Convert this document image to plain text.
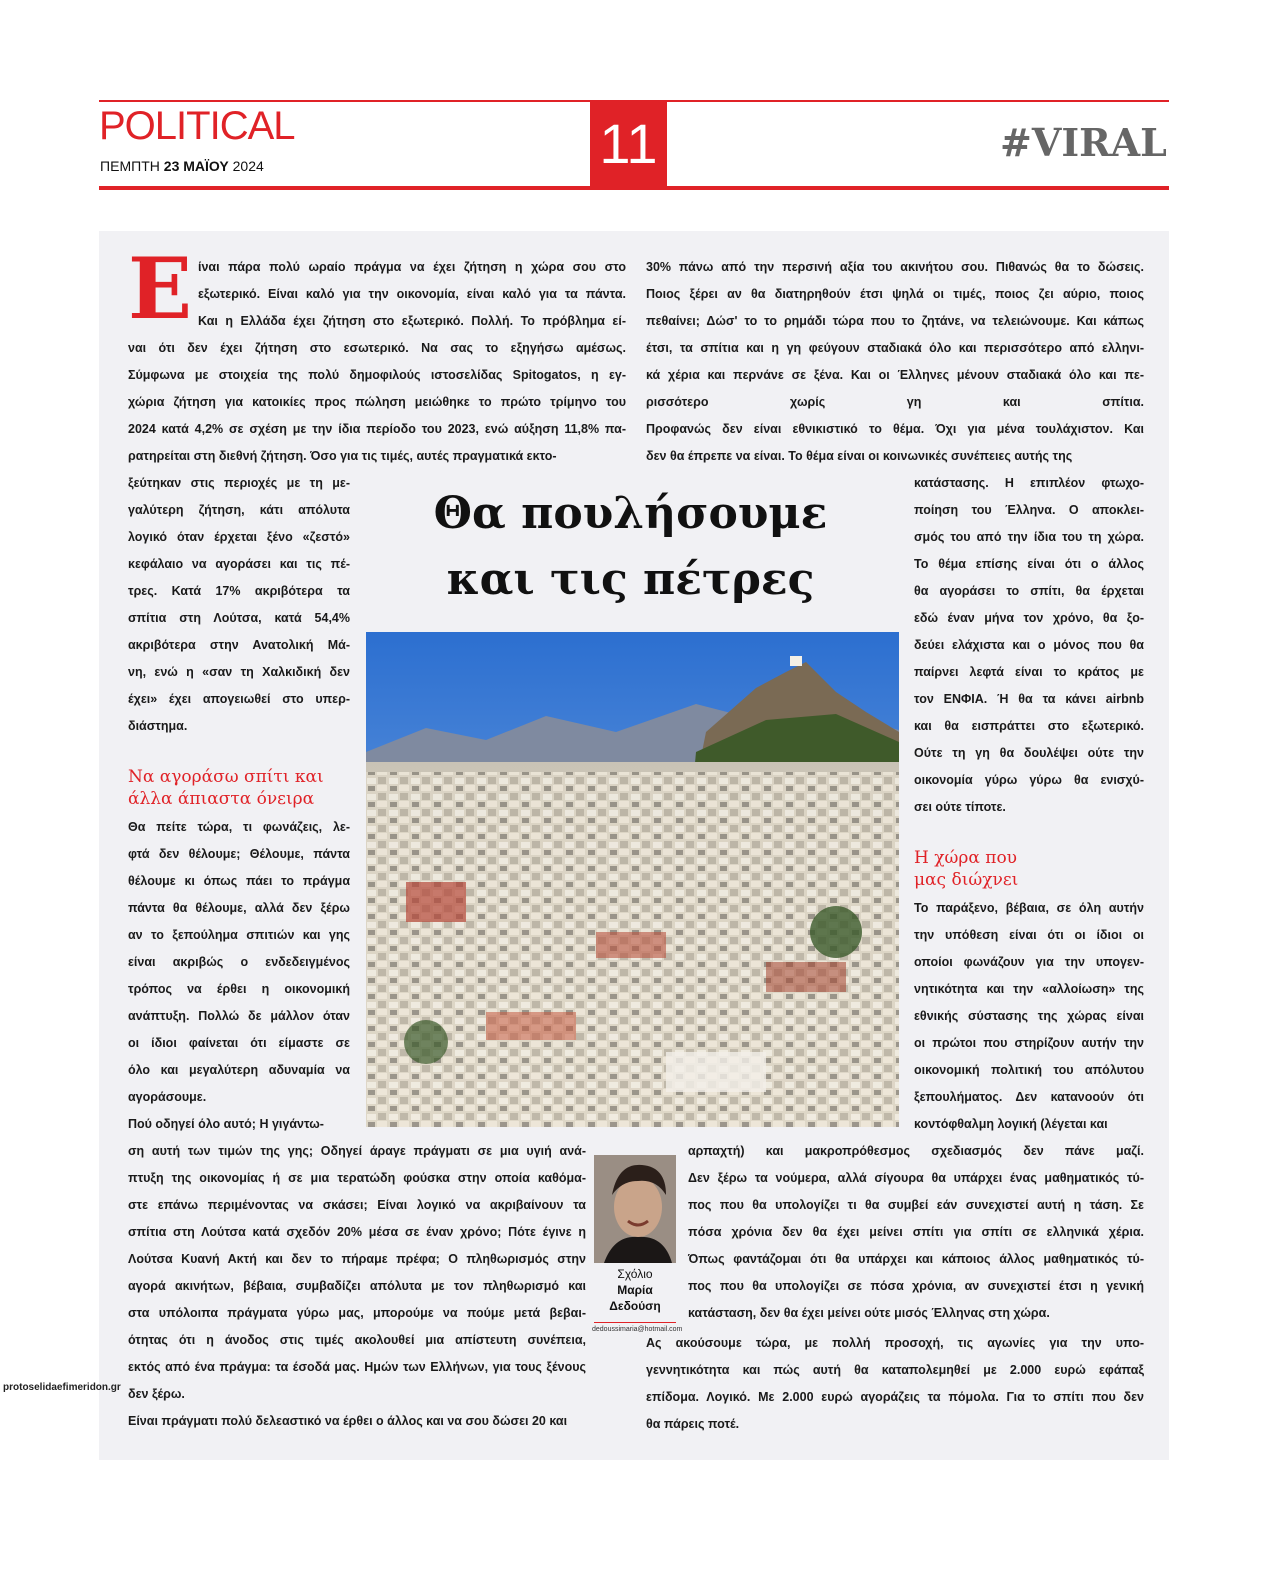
POLITICAL
ΠΕΜΠΤΗ 23 ΜΑΪΟΥ 2024	11	#VIRAL
Ε ίναι πάρα πολύ ωραίο πράγμα να έχει ζήτηση η χώρα σου στο
εξωτερικό. Είναι καλό για την οικονομία, είναι καλό για τα πάντα.
Και η Ελλάδα έχει ζήτηση στο εξωτερικό. Πολλή. Το πρόβλημα εί-
ναι ότι δεν έχει ζήτηση στο εσωτερικό. Να σας το εξηγήσω αμέσως.
Σύμφωνα με στοιχεία της πολύ δημοφιλούς ιστοσελίδας Spitogatos, η εγ-
χώρια ζήτηση για κατοικίες προς πώληση μειώθηκε το πρώτο τρίμηνο του
2024 κατά 4,2% σε σχέση με την ίδια περίοδο του 2023, ενώ αύξηση 11,8% πα-
ρατηρείται στη διεθνή ζήτηση. Όσο για τις τιμές, αυτές πραγματικά εκτο-
ξεύτηκαν στις περιοχές με τη με-
γαλύτερη ζήτηση, κάτι απόλυτα
λογικό όταν έρχεται ξένο «ζεστό»
κεφάλαιο να αγοράσει και τις πέ-
τρες. Κατά 17% ακριβότερα τα
σπίτια στη Λούτσα, κατά 54,4%
ακριβότερα στην Ανατολική Μά-
νη, ενώ η «σαν τη Χαλκιδική δεν
έχει» έχει απογειωθεί στο υπερ-
διάστημα.
Θα πείτε τώρα, τι φωνάζεις, λε-
φτά δεν θέλουμε; Θέλουμε, πάντα
θέλουμε κι όπως πάει το πράγμα
πάντα θα θέλουμε, αλλά δεν ξέρω
αν το ξεπούλημα σπιτιών και γης
είναι ακριβώς ο ενδεδειγμένος
τρόπος να έρθει η οικονομική
ανάπτυξη. Πολλώ δε μάλλον όταν
οι ίδιοι φαίνεται ότι είμαστε σε
όλο και μεγαλύτερη αδυναμία να
αγοράσουμε.
Πού οδηγεί όλο αυτό; Η γιγάντω-
ση αυτή των τιμών της γης; Οδηγεί άραγε πράγματι σε μια υγιή ανά-
πτυξη της οικονομίας ή σε μια τερατώδη φούσκα στην οποία καθόμα-
στε επάνω περιμένοντας να σκάσει; Είναι λογικό να ακριβαίνουν τα
σπίτια στη Λούτσα κατά σχεδόν 20% μέσα σε έναν χρόνο; Πότε έγινε η
Λούτσα Κυανή Ακτή και δεν το πήραμε πρέφα; Ο πληθωρισμός στην
αγορά ακινήτων, βέβαια, συμβαδίζει απόλυτα με τον πληθωρισμό και
στα υπόλοιπα πράγματα γύρω μας, μπορούμε να πούμε μετά βεβαι-
ότητας ότι η άνοδος στις τιμές ακολουθεί μια απίστευτη συνέπεια,
εκτός από ένα πράγμα: τα έσοδά μας. Ημών των Ελλήνων, για τους ξένους
δεν ξέρω.
Είναι πράγματι πολύ δελεαστικό να έρθει ο άλλος και να σου δώσει 20 και
30% πάνω από την περσινή αξία του ακινήτου σου. Πιθανώς θα το δώσεις.
Ποιος ξέρει αν θα διατηρηθούν έτσι ψηλά οι τιμές, ποιος ζει αύριο, ποιος
πεθαίνει; Δώσ' το το ρημάδι τώρα που το ζητάνε, να τελειώνουμε. Και κάπως
έτσι, τα σπίτια και η γη φεύγουν σταδιακά όλο και περισσότερο από ελληνι-
κά χέρια και περνάνε σε ξένα. Και οι Έλληνες μένουν σταδιακά όλο και πε-
ρισσότερο χωρίς γη και σπίτια.
Προφανώς δεν είναι εθνικιστικό το θέμα. Όχι για μένα τουλάχιστον. Και
δεν θα έπρεπε να είναι. Το θέμα είναι οι κοινωνικές συνέπειες αυτής της
κατάστασης. Η επιπλέον φτωχο-
ποίηση του Έλληνα. Ο αποκλει-
σμός του από την ίδια του τη χώρα.
Το θέμα επίσης είναι ότι ο άλλος
θα αγοράσει το σπίτι, θα έρχεται
εδώ έναν μήνα τον χρόνο, θα ξο-
δεύει ελάχιστα και ο μόνος που θα
παίρνει λεφτά είναι το κράτος με
τον ΕΝΦΙΑ. Ή θα τα κάνει airbnb
και θα εισπράττει στο εξωτερικό.
Ούτε τη γη θα δουλέψει ούτε την
οικονομία γύρω γύρω θα ενισχύ-
σει ούτε τίποτε.
Το παράξενο, βέβαια, σε όλη αυτήν
την υπόθεση είναι ότι οι ίδιοι οι
οποίοι φωνάζουν για την υπογεν-
νητικότητα και την «αλλοίωση» της
εθνικής σύστασης της χώρας είναι
οι πρώτοι που στηρίζουν αυτήν την
οικονομική πολιτική του απόλυτου
ξεπουλήματος. Δεν κατανοούν ότι
κοντόφθαλμη λογική (λέγεται και
αρπαχτή) και μακροπρόθεσμος σχεδιασμός δεν πάνε μαζί.
Δεν ξέρω τα νούμερα, αλλά σίγουρα θα υπάρχει ένας μαθηματικός τύ-
πος που θα υπολογίζει τι θα συμβεί εάν συνεχιστεί αυτή η τάση. Σε
πόσα χρόνια δεν θα έχει μείνει σπίτι για σπίτι σε ελληνικά χέρια.
Όπως φαντάζομαι ότι θα υπάρχει και κάποιος άλλος μαθηματικός τύ-
πος που θα υπολογίζει σε πόσα χρόνια, αν συνεχιστεί έτσι η γενική
κατάσταση, δεν θα έχει μείνει ούτε μισός Έλληνας στη χώρα.
Ας ακούσουμε τώρα, με πολλή προσοχή, τις αγωνίες για την υπο-
γεννητικότητα και πώς αυτή θα καταπολεμηθεί με 2.000 ευρώ εφάπαξ
επίδομα. Λογικό. Με 2.000 ευρώ αγοράζεις τα πόμολα. Για το σπίτι που δεν
θα πάρεις ποτέ.
Θα πουλήσουμε
και τις πέτρες
Να αγοράσω σπίτι και
άλλα άπιαστα όνειρα
Η χώρα που
μας διώχνει
Σχόλιο
Μαρία
Δεδούση
dedoussimaria@hotmail.com
protoselidaefimeridon.gr
